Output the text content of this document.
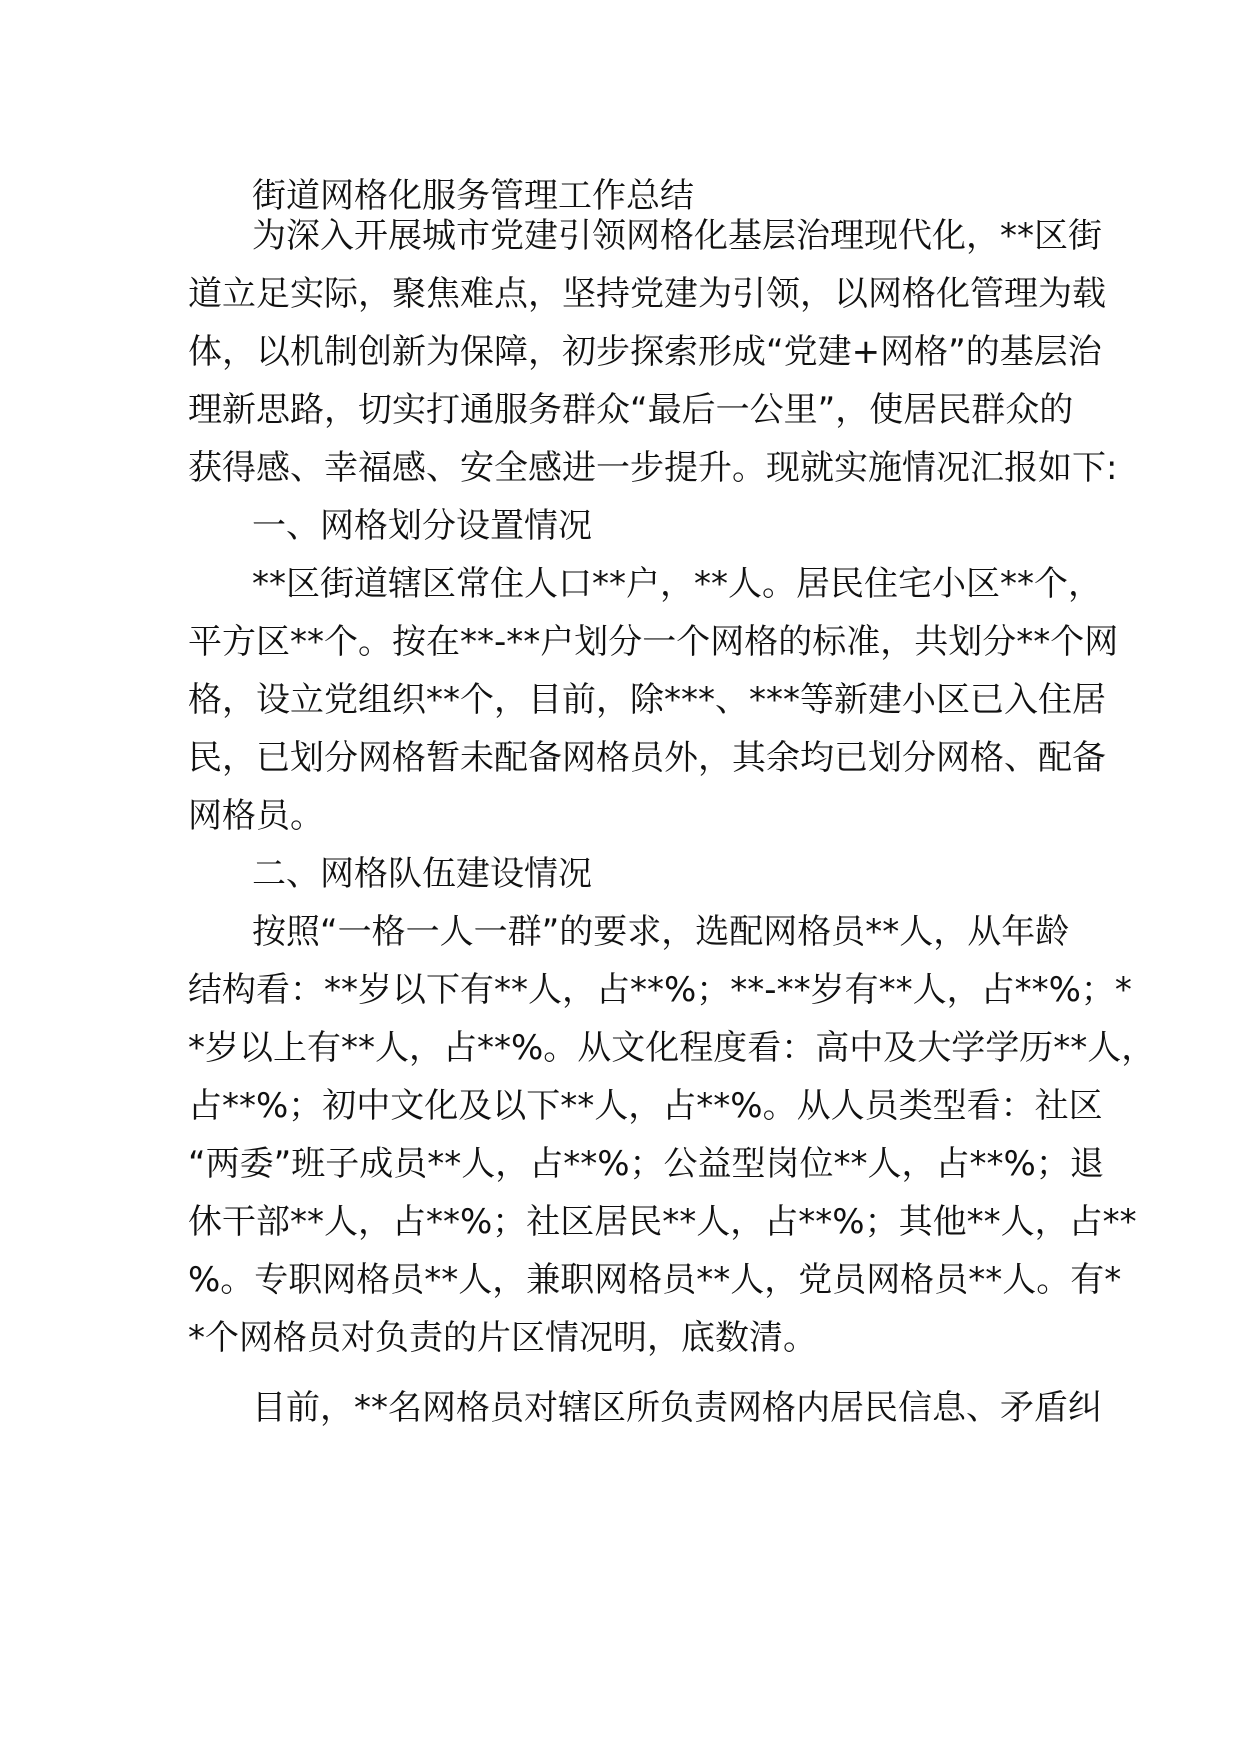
街道网格化服务管理工作总结
为深入开展城市党建引领网格化基层治理现代化，**区街
道立足实际，聚焦难点，坚持党建为引领，以网格化管理为载
体，以机制创新为保障，初步探索形成“党建+网格”的基层治
理新思路，切实打通服务群众“最后一公里”，使居民群众的
获得感、幸福感、安全感进一步提升。现就实施情况汇报如下:
一、网格划分设置情况
**区街道辖区常住人口**户，**人。居民住宅小区**个，
平方区**个。按在**-**户划分一个网格的标准，共划分**个网
格，设立党组织**个，目前，除***、***等新建小区已入住居
民，已划分网格暂未配备网格员外，其余均已划分网格、配备
网格员。
二、网格队伍建设情况
按照“一格一人一群”的要求，选配网格员**人，从年龄
结构看：**岁以下有**人，占**%；**-**岁有**人，占**%；*
*岁以上有**人，占**%。从文化程度看：高中及大学学历**人，
占**%；初中文化及以下**人，占**%。从人员类型看：社区
“两委”班子成员**人，占**%；公益型岗位**人，占**%；退
休干部**人，占**%；社区居民**人，占**%；其他**人，占**
%。专职网格员**人，兼职网格员**人，党员网格员**人。有*
*个网格员对负责的片区情况明，底数清。
目前，**名网格员对辖区所负责网格内居民信息、矛盾纠
